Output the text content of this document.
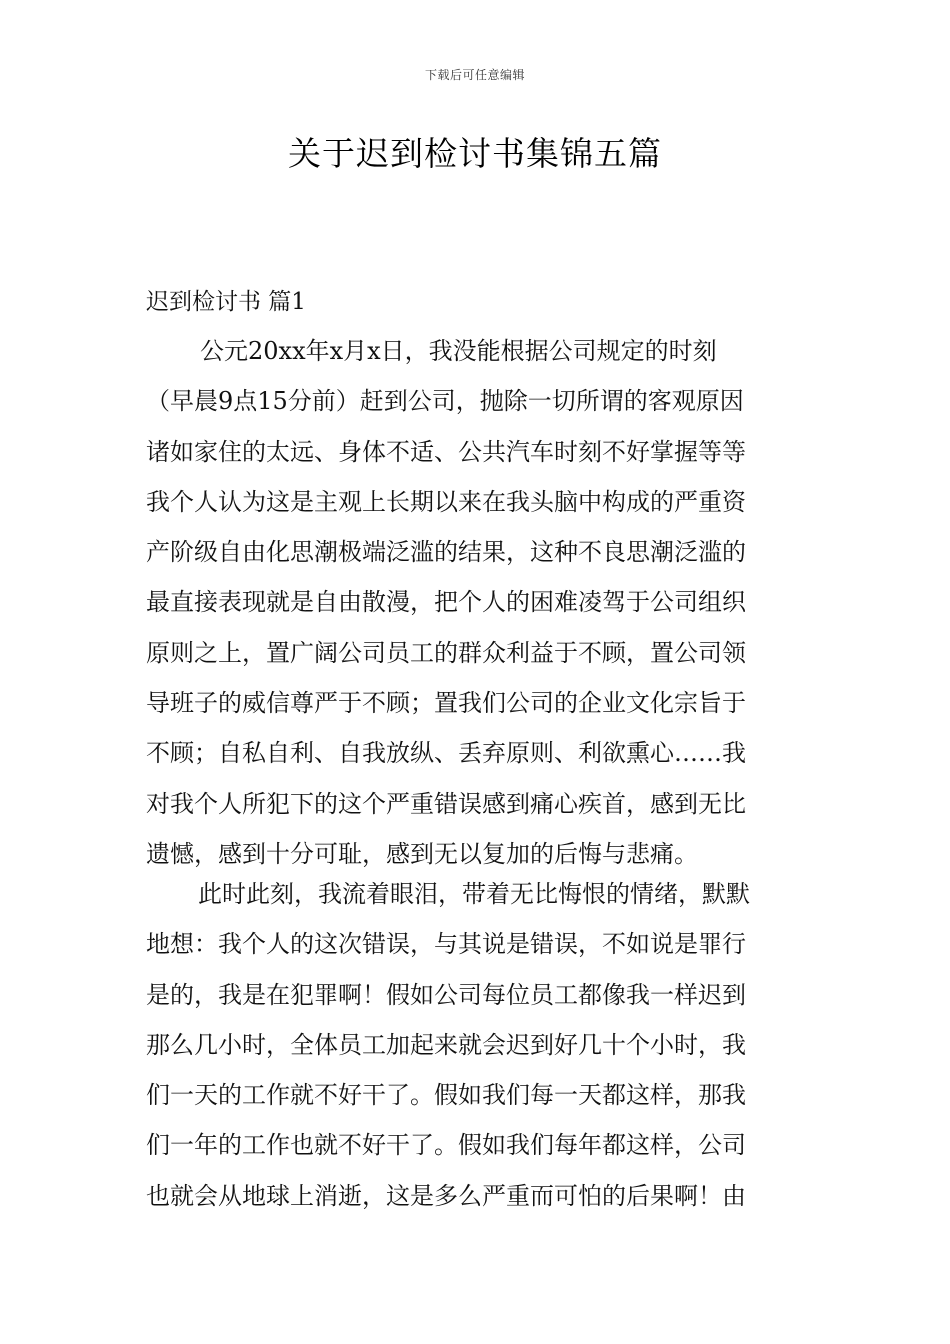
下载后可任意编辑
关于迟到检讨书集锦五篇
迟到检讨书 篇1
公元20xx年x月x日，我没能根据公司规定的时刻
（早晨9点15分前）赶到公司，抛除一切所谓的客观原因
诸如家住的太远、身体不适、公共汽车时刻不好掌握等等
我个人认为这是主观上长期以来在我头脑中构成的严重资
产阶级自由化思潮极端泛滥的结果，这种不良思潮泛滥的
最直接表现就是自由散漫，把个人的困难凌驾于公司组织
原则之上，置广阔公司员工的群众利益于不顾，置公司领
导班子的威信尊严于不顾；置我们公司的企业文化宗旨于
不顾；自私自利、自我放纵、丢弃原则、利欲熏心……我
对我个人所犯下的这个严重错误感到痛心疾首，感到无比
遗憾，感到十分可耻，感到无以复加的后悔与悲痛。
此时此刻，我流着眼泪，带着无比悔恨的情绪，默默
地想：我个人的这次错误，与其说是错误，不如说是罪行
是的，我是在犯罪啊！假如公司每位员工都像我一样迟到
那么几小时，全体员工加起来就会迟到好几十个小时，我
们一天的工作就不好干了。假如我们每一天都这样，那我
们一年的工作也就不好干了。假如我们每年都这样，公司
也就会从地球上消逝，这是多么严重而可怕的后果啊！由
